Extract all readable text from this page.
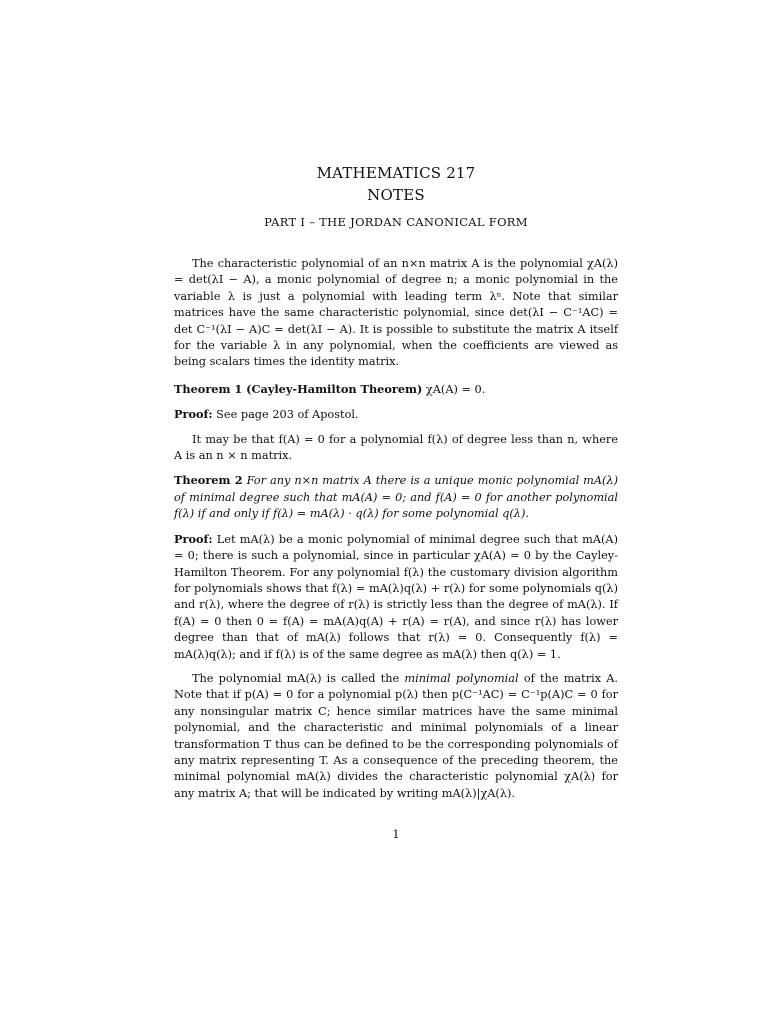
MATHEMATICS 217
NOTES
PART I – THE JORDAN CANONICAL FORM

The characteristic polynomial of an n×n matrix A is the polynomial χA(λ) = det(λI − A), a monic polynomial of degree n; a monic polynomial in the variable λ is just a polynomial with leading term λⁿ. Note that similar matrices have the same characteristic polynomial, since det(λI − C⁻¹AC) = det C⁻¹(λI − A)C = det(λI − A). It is possible to substitute the matrix A itself for the variable λ in any polynomial, when the coefficients are viewed as being scalars times the identity matrix.

Theorem 1 (Cayley-Hamilton Theorem) χA(A) = 0.

Proof: See page 203 of Apostol.

It may be that f(A) = 0 for a polynomial f(λ) of degree less than n, where A is an n × n matrix.

Theorem 2 For any n×n matrix A there is a unique monic polynomial mA(λ) of minimal degree such that mA(A) = 0; and f(A) = 0 for another polynomial f(λ) if and only if f(λ) = mA(λ) · q(λ) for some polynomial q(λ).

Proof: Let mA(λ) be a monic polynomial of minimal degree such that mA(A) = 0; there is such a polynomial, since in particular χA(A) = 0 by the Cayley-Hamilton Theorem. For any polynomial f(λ) the customary division algorithm for polynomials shows that f(λ) = mA(λ)q(λ) + r(λ) for some polynomials q(λ) and r(λ), where the degree of r(λ) is strictly less than the degree of mA(λ). If f(A) = 0 then 0 = f(A) = mA(A)q(A) + r(A) = r(A), and since r(λ) has lower degree than that of mA(λ) follows that r(λ) = 0. Consequently f(λ) = mA(λ)q(λ); and if f(λ) is of the same degree as mA(λ) then q(λ) = 1.

The polynomial mA(λ) is called the minimal polynomial of the matrix A. Note that if p(A) = 0 for a polynomial p(λ) then p(C⁻¹AC) = C⁻¹p(A)C = 0 for any nonsingular matrix C; hence similar matrices have the same minimal polynomial, and the characteristic and minimal polynomials of a linear transformation T thus can be defined to be the corresponding polynomials of any matrix representing T. As a consequence of the preceding theorem, the minimal polynomial mA(λ) divides the characteristic polynomial χA(λ) for any matrix A; that will be indicated by writing mA(λ)|χA(λ).

1
